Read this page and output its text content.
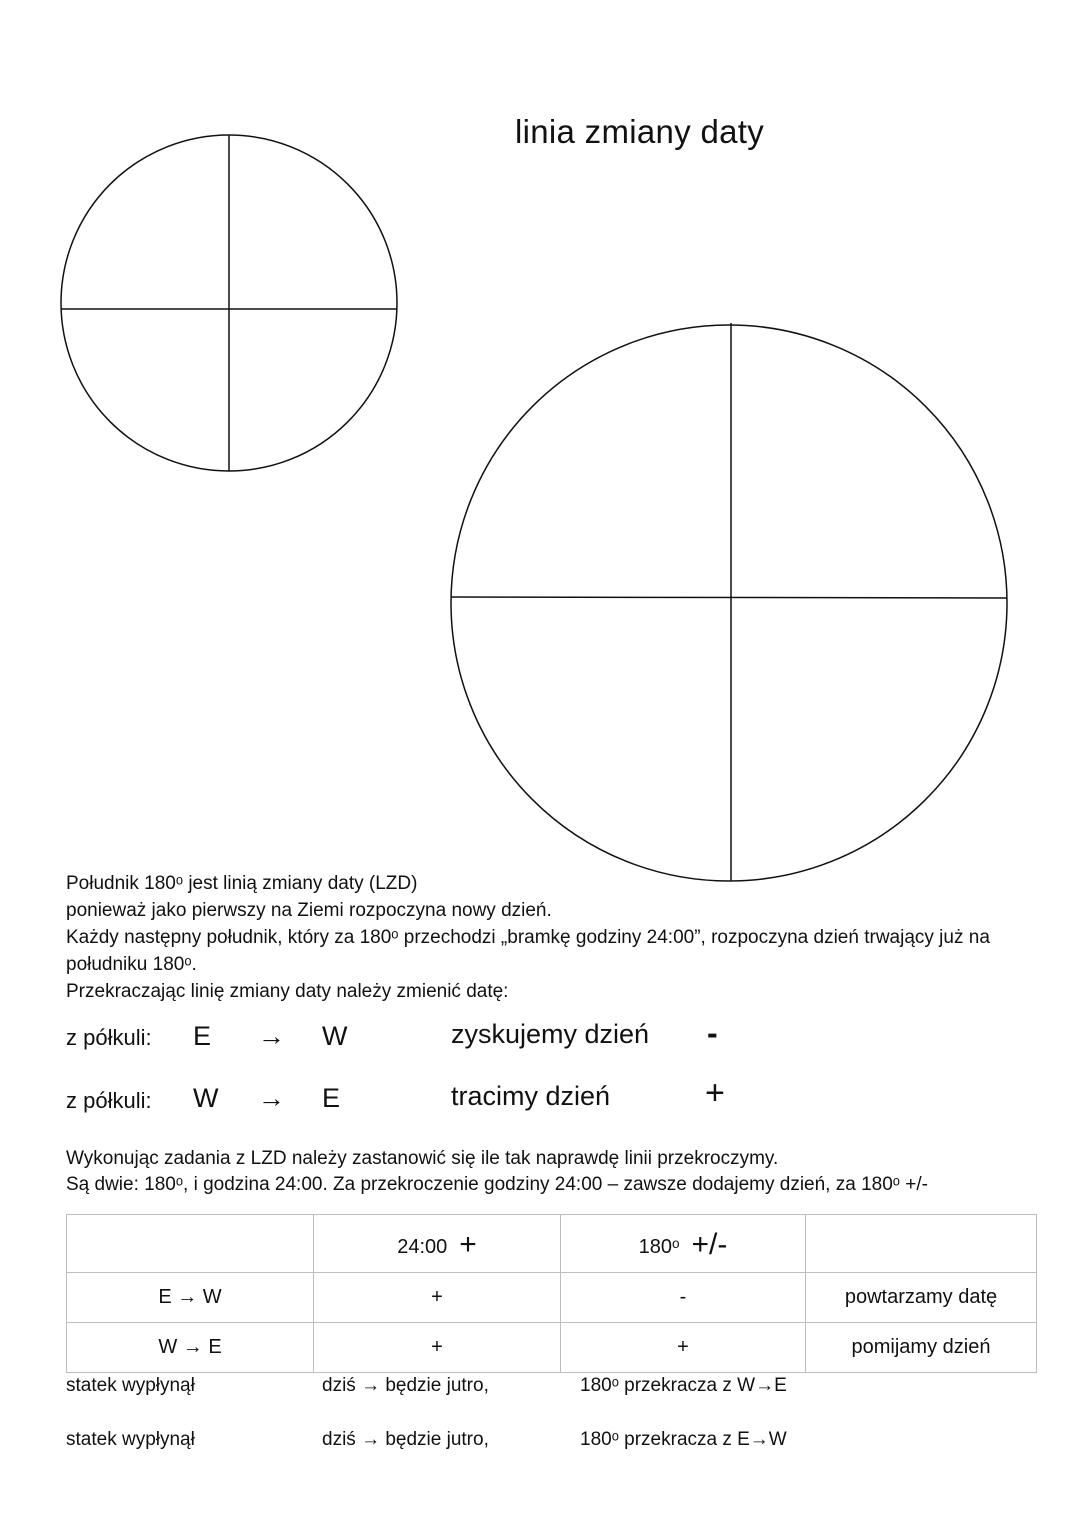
linia zmiany daty
Południk 180ᵒ jest linią zmiany daty (LZD)
ponieważ jako pierwszy na Ziemi rozpoczyna nowy dzień.
Każdy następny południk, który za 180ᵒ przechodzi „bramkę godziny 24:00”, rozpoczyna dzień trwający już na
południku 180ᵒ.
Przekraczając linię zmiany daty należy zmienić datę:
z półkuli: E → W	zyskujemy dzień -
z półkuli: W → E	tracimy dzień	+
Wykonując zadania z LZD należy zastanowić się ile tak naprawdę linii przekroczymy.
Są dwie: 180ᵒ, i godzina 24:00. Za przekroczenie godziny 24:00 – zawsze dodajemy dzień, za 180ᵒ +/-
	24:00 +	180ᵒ +/-	
E → W	+	-	powtarzamy datę
W → E	+	+	pomijamy dzień
statek wypłynął	dziś → będzie jutro,	180ᵒ przekracza z W→E
statek wypłynął	dziś → będzie jutro,	180ᵒ przekracza z E→W
